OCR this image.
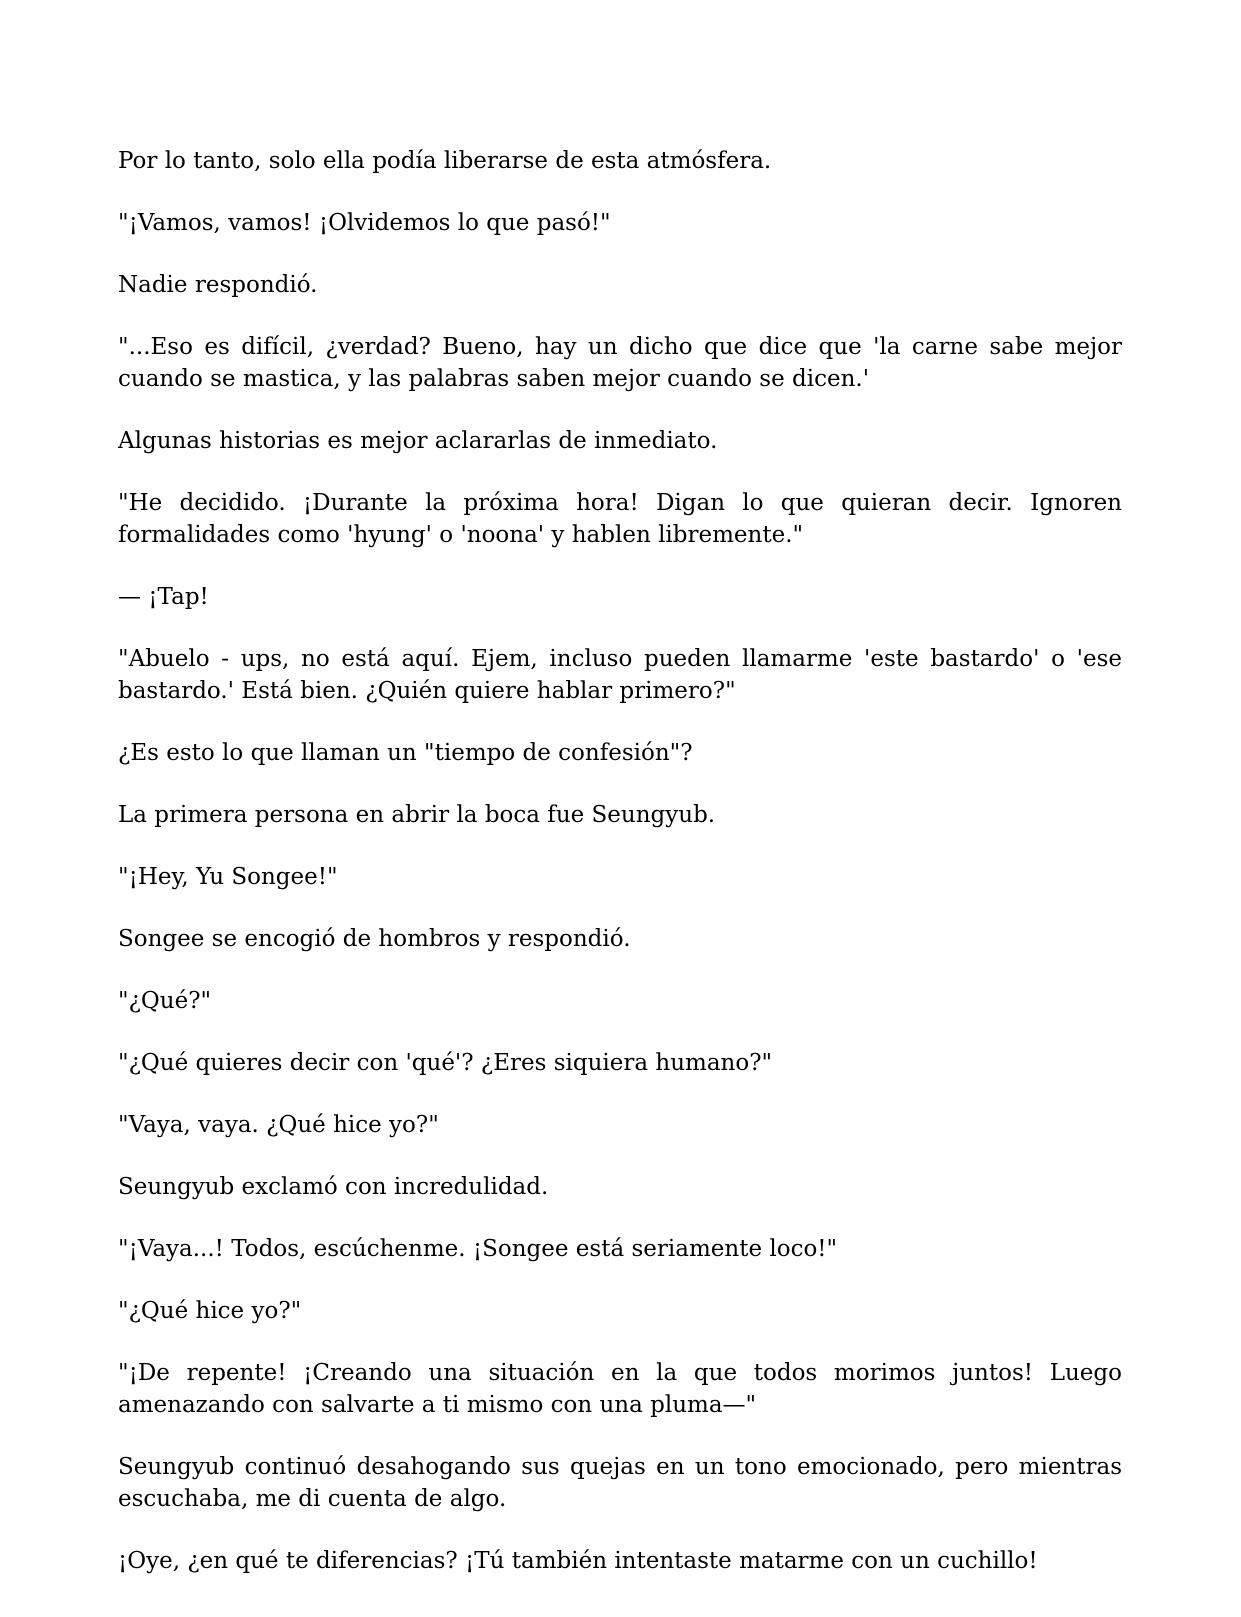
Por lo tanto, solo ella podía liberarse de esta atmósfera.

"¡Vamos, vamos! ¡Olvidemos lo que pasó!"

Nadie respondió.

"...Eso es difícil, ¿verdad? Bueno, hay un dicho que dice que 'la carne sabe mejor cuando se mastica, y las palabras saben mejor cuando se dicen.'

Algunas historias es mejor aclararlas de inmediato.

"He decidido. ¡Durante la próxima hora! Digan lo que quieran decir. Ignoren formalidades como 'hyung' o 'noona' y hablen libremente."

— ¡Tap!

"Abuelo - ups, no está aquí. Ejem, incluso pueden llamarme 'este bastardo' o 'ese bastardo.' Está bien. ¿Quién quiere hablar primero?"

¿Es esto lo que llaman un "tiempo de confesión"?

La primera persona en abrir la boca fue Seungyub.

"¡Hey, Yu Songee!"

Songee se encogió de hombros y respondió.

"¿Qué?"

"¿Qué quieres decir con 'qué'? ¿Eres siquiera humano?"

"Vaya, vaya. ¿Qué hice yo?"

Seungyub exclamó con incredulidad.

"¡Vaya...! Todos, escúchenme. ¡Songee está seriamente loco!"

"¿Qué hice yo?"

"¡De repente! ¡Creando una situación en la que todos morimos juntos! Luego amenazando con salvarte a ti mismo con una pluma—"

Seungyub continuó desahogando sus quejas en un tono emocionado, pero mientras escuchaba, me di cuenta de algo.

¡Oye, ¿en qué te diferencias? ¡Tú también intentaste matarme con un cuchillo!
